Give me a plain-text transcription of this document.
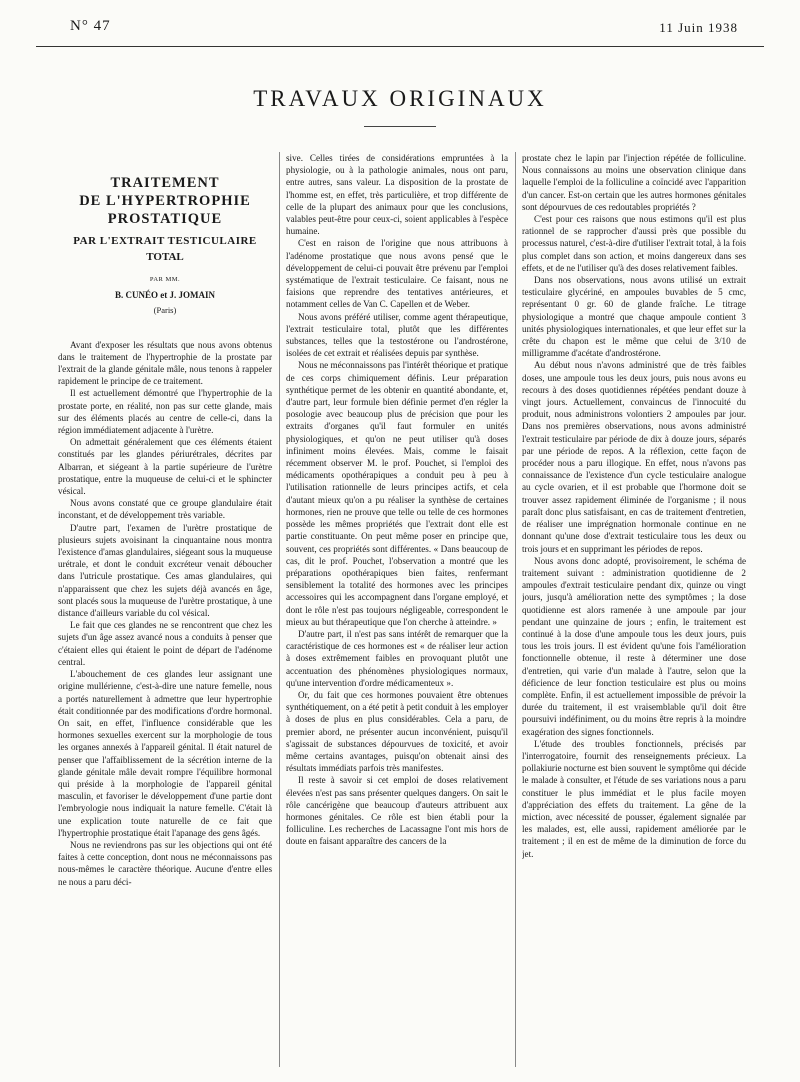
N° 47	11 Juin 1938
TRAVAUX ORIGINAUX
TRAITEMENT
DE L'HYPERTROPHIE
PROSTATIQUE
PAR L'EXTRAIT TESTICULAIRE
TOTAL
PAR MM.
B. CUNÉO et J. JOMAIN
(Paris)

Avant d'exposer les résultats que nous avons obtenus dans le traitement de l'hypertrophie de la prostate par l'extrait de la glande génitale mâle, nous tenons à rappeler rapidement le principe de ce traitement.

Il est actuellement démontré que l'hypertrophie de la prostate porte, en réalité, non pas sur cette glande, mais sur des éléments placés au centre de celle-ci, dans la région immédiatement adjacente à l'urètre.

On admettait généralement que ces éléments étaient constitués par les glandes périurétrales, décrites par Albarran, et siégeant à la partie supérieure de l'urètre prostatique, entre la muqueuse de celui-ci et le sphincter vésical.

Nous avons constaté que ce groupe glandulaire était inconstant, et de développement très variable.

D'autre part, l'examen de l'urètre prostatique de plusieurs sujets avoisinant la cinquantaine nous montra l'existence d'amas glandulaires, siégeant sous la muqueuse urétrale, et dont le conduit excréteur venait déboucher dans l'utricule prostatique. Ces amas glandulaires, qui n'apparaissent que chez les sujets déjà avancés en âge, sont placés sous la muqueuse de l'urètre prostatique, à une distance d'ailleurs variable du col vésical.

Le fait que ces glandes ne se rencontrent que chez les sujets d'un âge assez avancé nous a conduits à penser que c'étaient elles qui étaient le point de départ de l'adénome central.

L'abouchement de ces glandes leur assignant une origine mullérienne, c'est-à-dire une nature femelle, nous a portés naturellement à admettre que leur hypertrophie était conditionnée par des modifications d'ordre hormonal. On sait, en effet, l'influence considérable que les hormones sexuelles exercent sur la morphologie de tous les organes annexés à l'appareil génital. Il était naturel de penser que l'affaiblissement de la sécrétion interne de la glande génitale mâle devait rompre l'équilibre hormonal qui préside à la morphologie de l'appareil génital masculin, et favoriser le développement d'une partie dont l'embryologie nous indiquait la nature femelle. C'était là une explication toute naturelle de ce fait que l'hypertrophie prostatique était l'apanage des gens âgés.

Nous ne reviendrons pas sur les objections qui ont été faites à cette conception, dont nous ne méconnaissons pas nous-mêmes le caractère théorique. Aucune d'entre elles ne nous a paru déci-

sive. Celles tirées de considérations empruntées à la physiologie, ou à la pathologie animales, nous ont paru, entre autres, sans valeur. La disposition de la prostate de l'homme est, en effet, très particulière, et trop différente de celle de la plupart des animaux pour que les conclusions, valables peut-être pour ceux-ci, soient applicables à l'espèce humaine.

C'est en raison de l'origine que nous attribuons à l'adénome prostatique que nous avons pensé que le développement de celui-ci pouvait être prévenu par l'emploi systématique de l'extrait testiculaire. Ce faisant, nous ne faisions que reprendre des tentatives antérieures, et notamment celles de Van C. Capellen et de Weber.

Nous avons préféré utiliser, comme agent thérapeutique, l'extrait testiculaire total, plutôt que les différentes substances, telles que la testostérone ou l'androstérone, isolées de cet extrait et réalisées depuis par synthèse.

Nous ne méconnaissons pas l'intérêt théorique et pratique de ces corps chimiquement définis. Leur préparation synthétique permet de les obtenir en quantité abondante, et, d'autre part, leur formule bien définie permet d'en régler la posologie avec beaucoup plus de précision que pour les extraits d'organes qu'il faut formuler en unités physiologiques, et qu'on ne peut utiliser qu'à doses infiniment moins élevées. Mais, comme le faisait récemment observer M. le prof. Pouchet, si l'emploi des médicaments opothérapiques a conduit peu à peu à l'utilisation rationnelle de leurs principes actifs, et cela d'autant mieux qu'on a pu réaliser la synthèse de certaines hormones, rien ne prouve que telle ou telle de ces hormones possède les mêmes propriétés que l'extrait dont elle est partie constituante. On peut même poser en principe que, souvent, ces propriétés sont différentes. « Dans beaucoup de cas, dit le prof. Pouchet, l'observation a montré que les préparations opothérapiques bien faites, renfermant sensiblement la totalité des hormones avec les principes accessoires qui les accompagnent dans l'organe employé, et dont le rôle n'est pas toujours négligeable, correspondent le mieux au but thérapeutique que l'on cherche à atteindre. »

D'autre part, il n'est pas sans intérêt de remarquer que la caractéristique de ces hormones est « de réaliser leur action à doses extrêmement faibles en provoquant plutôt une accentuation des phénomènes physiologiques normaux, qu'une intervention d'ordre médicamenteux ».

Or, du fait que ces hormones pouvaient être obtenues synthétiquement, on a été petit à petit conduit à les employer à doses de plus en plus considérables. Cela a paru, de premier abord, ne présenter aucun inconvénient, puisqu'il s'agissait de substances dépourvues de toxicité, et avoir même certains avantages, puisqu'on obtenait ainsi des résultats immédiats parfois très manifestes.

Il reste à savoir si cet emploi de doses relativement élevées n'est pas sans présenter quelques dangers. On sait le rôle cancérigène que beaucoup d'auteurs attribuent aux hormones génitales. Ce rôle est bien établi pour la folliculine. Les recherches de Lacassagne l'ont mis hors de doute en faisant apparaître des cancers de la

prostate chez le lapin par l'injection répétée de folliculine. Nous connaissons au moins une observation clinique dans laquelle l'emploi de la folliculine a coïncidé avec l'apparition d'un cancer. Est-on certain que les autres hormones génitales sont dépourvues de ces redoutables propriétés ?

C'est pour ces raisons que nous estimons qu'il est plus rationnel de se rapprocher d'aussi près que possible du processus naturel, c'est-à-dire d'utiliser l'extrait total, à la fois plus complet dans son action, et moins dangereux dans ses effets, et de ne l'utiliser qu'à des doses relativement faibles.

Dans nos observations, nous avons utilisé un extrait testiculaire glycériné, en ampoules buvables de 5 cmc, représentant 0 gr. 60 de glande fraîche. Le titrage physiologique a montré que chaque ampoule contient 3 unités physiologiques internationales, et que leur effet sur la crête du chapon est le même que celui de 3/10 de milligramme d'acétate d'androstérone.

Au début nous n'avons administré que de très faibles doses, une ampoule tous les deux jours, puis nous avons eu recours à des doses quotidiennes répétées pendant douze à vingt jours. Actuellement, convaincus de l'innocuité du produit, nous administrons volontiers 2 ampoules par jour. Dans nos premières observations, nous avons administré l'extrait testiculaire par période de dix à douze jours, séparés par une période de repos. A la réflexion, cette façon de procéder nous a paru illogique. En effet, nous n'avons pas connaissance de l'existence d'un cycle testiculaire analogue au cycle ovarien, et il est probable que l'hormone doit se trouver assez rapidement éliminée de l'organisme ; il nous paraît donc plus satisfaisant, en cas de traitement d'entretien, de réaliser une imprégnation hormonale continue en ne donnant qu'une dose d'extrait testiculaire tous les deux ou trois jours et en supprimant les périodes de repos.

Nous avons donc adopté, provisoirement, le schéma de traitement suivant : administration quotidienne de 2 ampoules d'extrait testiculaire pendant dix, quinze ou vingt jours, jusqu'à amélioration nette des symptômes ; la dose quotidienne est alors ramenée à une ampoule par jour pendant une quinzaine de jours ; enfin, le traitement est continué à la dose d'une ampoule tous les deux jours, puis tous les trois jours. Il est évident qu'une fois l'amélioration fonctionnelle obtenue, il reste à déterminer une dose d'entretien, qui varie d'un malade à l'autre, selon que la déficience de leur fonction testiculaire est plus ou moins complète. Enfin, il est actuellement impossible de prévoir la durée du traitement, il est vraisemblable qu'il doit être poursuivi indéfiniment, ou du moins être repris à la moindre exagération des signes fonctionnels.

L'étude des troubles fonctionnels, précisés par l'interrogatoire, fournit des renseignements précieux. La pollakiurie nocturne est bien souvent le symptôme qui décide le malade à consulter, et l'étude de ses variations nous a paru constituer le plus immédiat et le plus facile moyen d'appréciation des effets du traitement. La gêne de la miction, avec nécessité de pousser, également signalée par les malades, est, elle aussi, rapidement améliorée par le traitement ; il en est de même de la diminution de force du jet.
